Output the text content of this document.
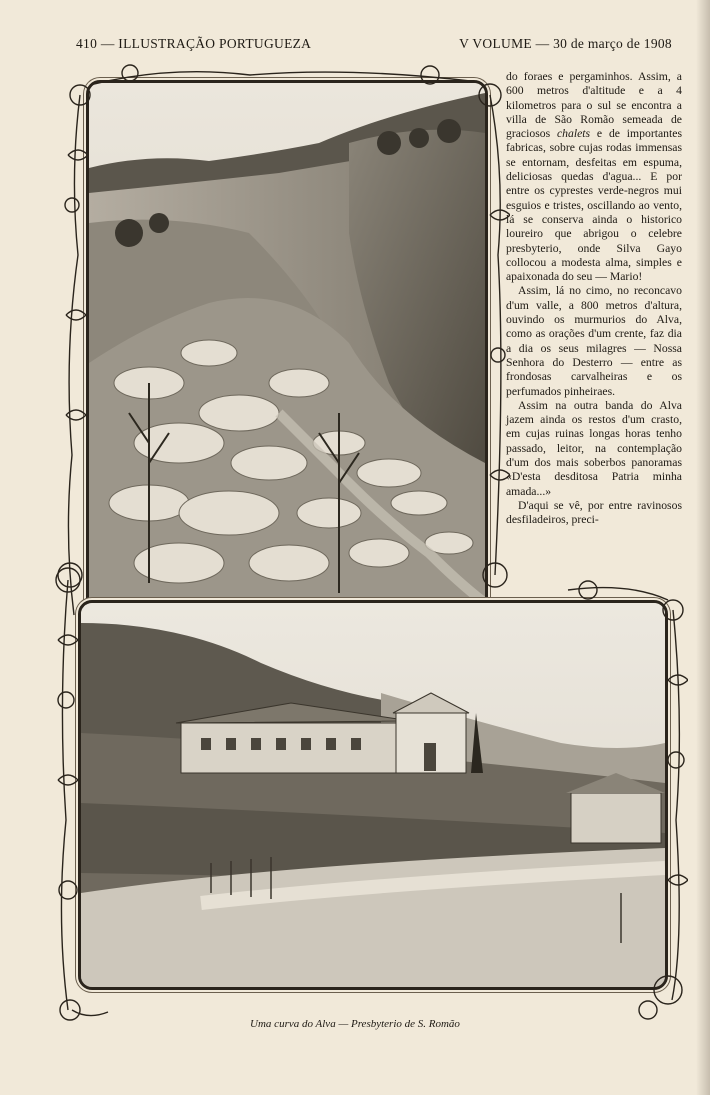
410 — ILLUSTRAÇÃO PORTUGUEZA	V VOLUME — 30 de março de 1908

do foraes e pergaminhos. Assim, a 600 metros d'altitude e a 4 kilometros para o sul se encontra a villa de São Romão semeada de graciosos chalets e de importantes fabricas, sobre cujas rodas immensas se entornam, desfeitas em espuma, deliciosas quedas d'agua... E por entre os cyprestes verde-negros mui esguios e tristes, oscillando ao vento, lá se conserva ainda o historico loureiro que abrigou o celebre presbyterio, onde Silva Gayo collocou a modesta alma, simples e apaixonada do seu — Mario!

Assim, lá no cimo, no reconcavo d'um valle, a 800 metros d'altura, ouvindo os murmurios do Alva, como as orações d'um crente, faz dia a dia os seus milagres — Nossa Senhora do Desterro — entre as frondosas carvalheiras e os perfumados pinheiraes.

Assim na outra banda do Alva jazem ainda os restos d'um crasto, em cujas ruinas longas horas tenho passado, leitor, na contemplação d'um dos mais soberbos panoramas «D'esta desditosa Patria minha amada...»

D'aqui se vê, por entre ravinosos desfiladeiros, preci-

Uma curva do Alva — Presbyterio de S. Romão
